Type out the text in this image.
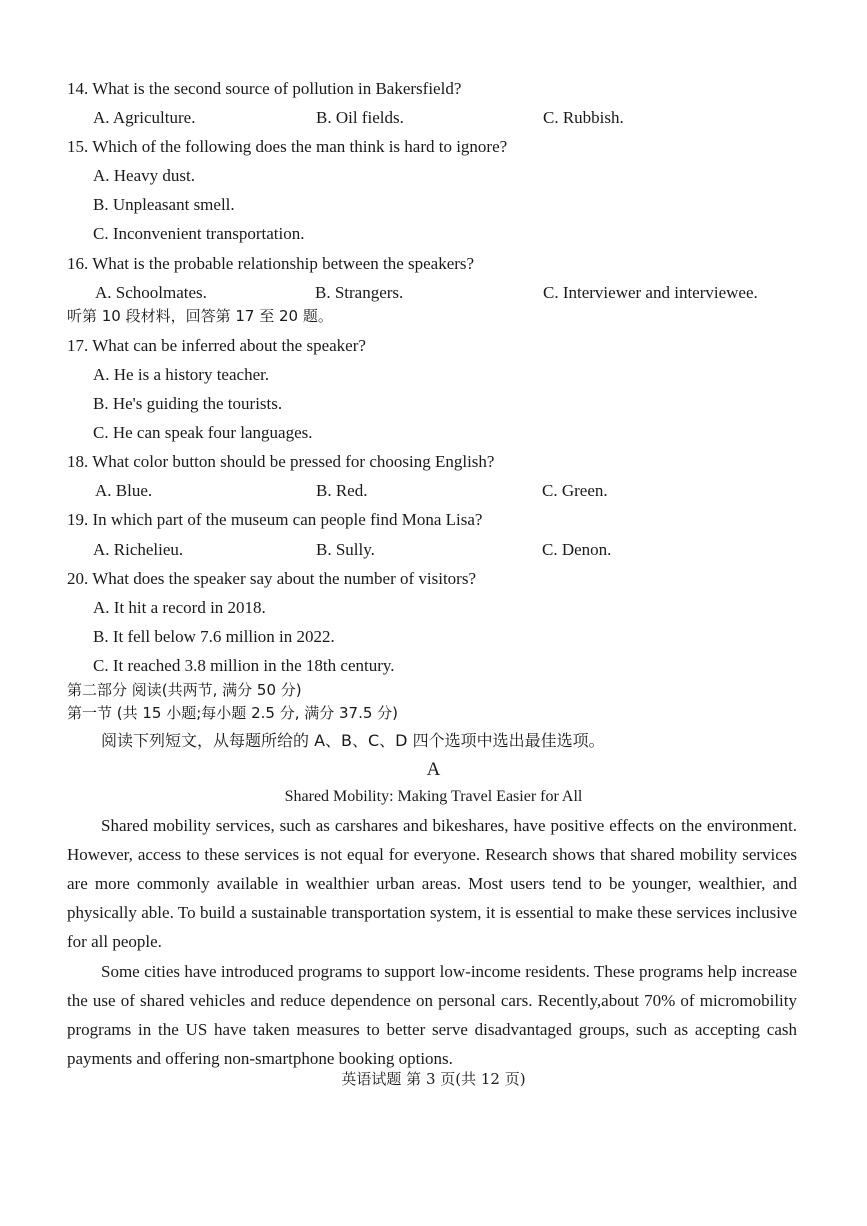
14. What is the second source of pollution in Bakersfield?
A. Agriculture.	B. Oil fields.	C. Rubbish.
15. Which of the following does the man think is hard to ignore?
A. Heavy dust.
B. Unpleasant smell.
C. Inconvenient transportation.
16. What is the probable relationship between the speakers?
A. Schoolmates.	B. Strangers.	C. Interviewer and interviewee.
听第 10 段材料，回答第 17 至 20 题。
17. What can be inferred about the speaker?
A. He is a history teacher.
B. He's guiding the tourists.
C. He can speak four languages.
18. What color button should be pressed for choosing English?
A. Blue.	B. Red.	C. Green.
19. In which part of the museum can people find Mona Lisa?
A. Richelieu.	B. Sully.	C. Denon.
20. What does the speaker say about the number of visitors?
A. It hit a record in 2018.
B. It fell below 7.6 million in 2022.
C. It reached 3.8 million in the 18th century.
第二部分 阅读(共两节, 满分 50 分)
第一节 (共 15 小题;每小题 2.5 分, 满分 37.5 分)
阅读下列短文，从每题所给的 A、B、C、D 四个选项中选出最佳选项。
A
Shared Mobility: Making Travel Easier for All
Shared mobility services, such as carshares and bikeshares, have positive effects on the environment. However, access to these services is not equal for everyone. Research shows that shared mobility services are more commonly available in wealthier urban areas. Most users tend to be younger, wealthier, and physically able. To build a sustainable transportation system, it is essential to make these services inclusive for all people.
Some cities have introduced programs to support low-income residents. These programs help increase the use of shared vehicles and reduce dependence on personal cars. Recently,about 70% of micromobility programs in the US have taken measures to better serve disadvantaged groups, such as accepting cash payments and offering non-smartphone booking options.
英语试题 第 3 页(共 12 页)
